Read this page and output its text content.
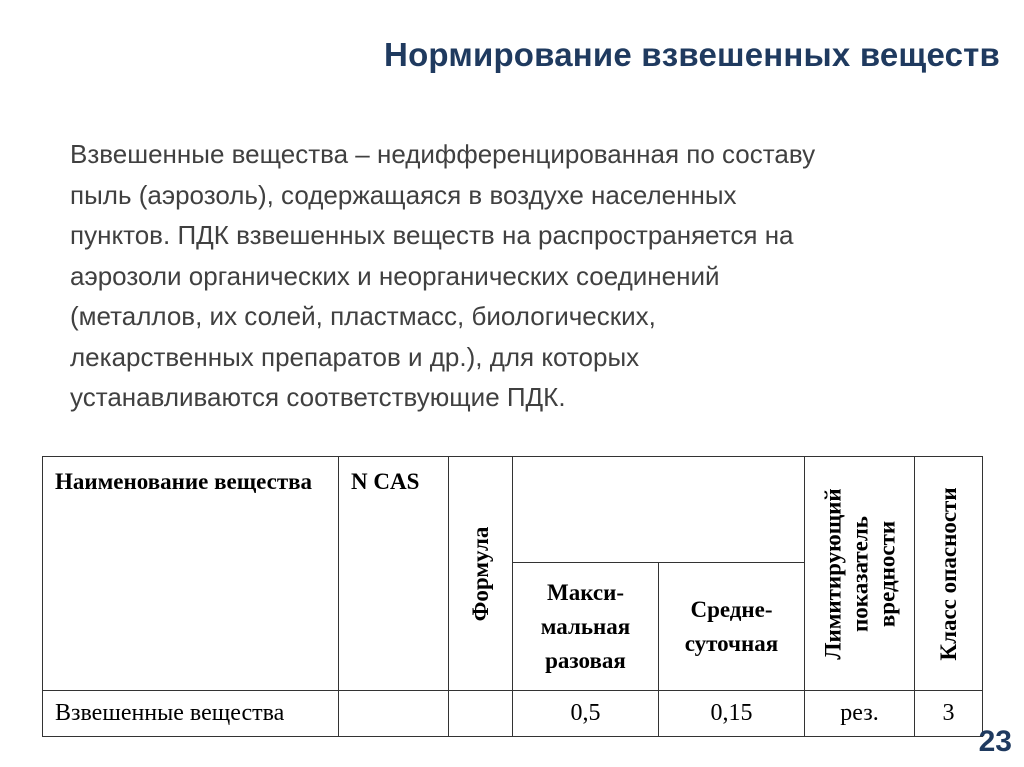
Нормирование взвешенных веществ
Взвешенные вещества – недифференцированная по составу
пыль (аэрозоль), содержащаяся в воздухе населенных
пунктов. ПДК взвешенных веществ на распространяется на
аэрозоли органических и неорганических соединений
(металлов, их солей, пластмасс, биологических,
лекарственных препаратов и др.), для которых
устанавливаются соответствующие ПДК.
Наименование вещества	N CAS	Формула			Лимитирующий показатель вредности	Класс опасности

			Макси-мальная разовая	Средне-суточная		
Взвешенные вещества			0,5	0,15	рез.	3
23
